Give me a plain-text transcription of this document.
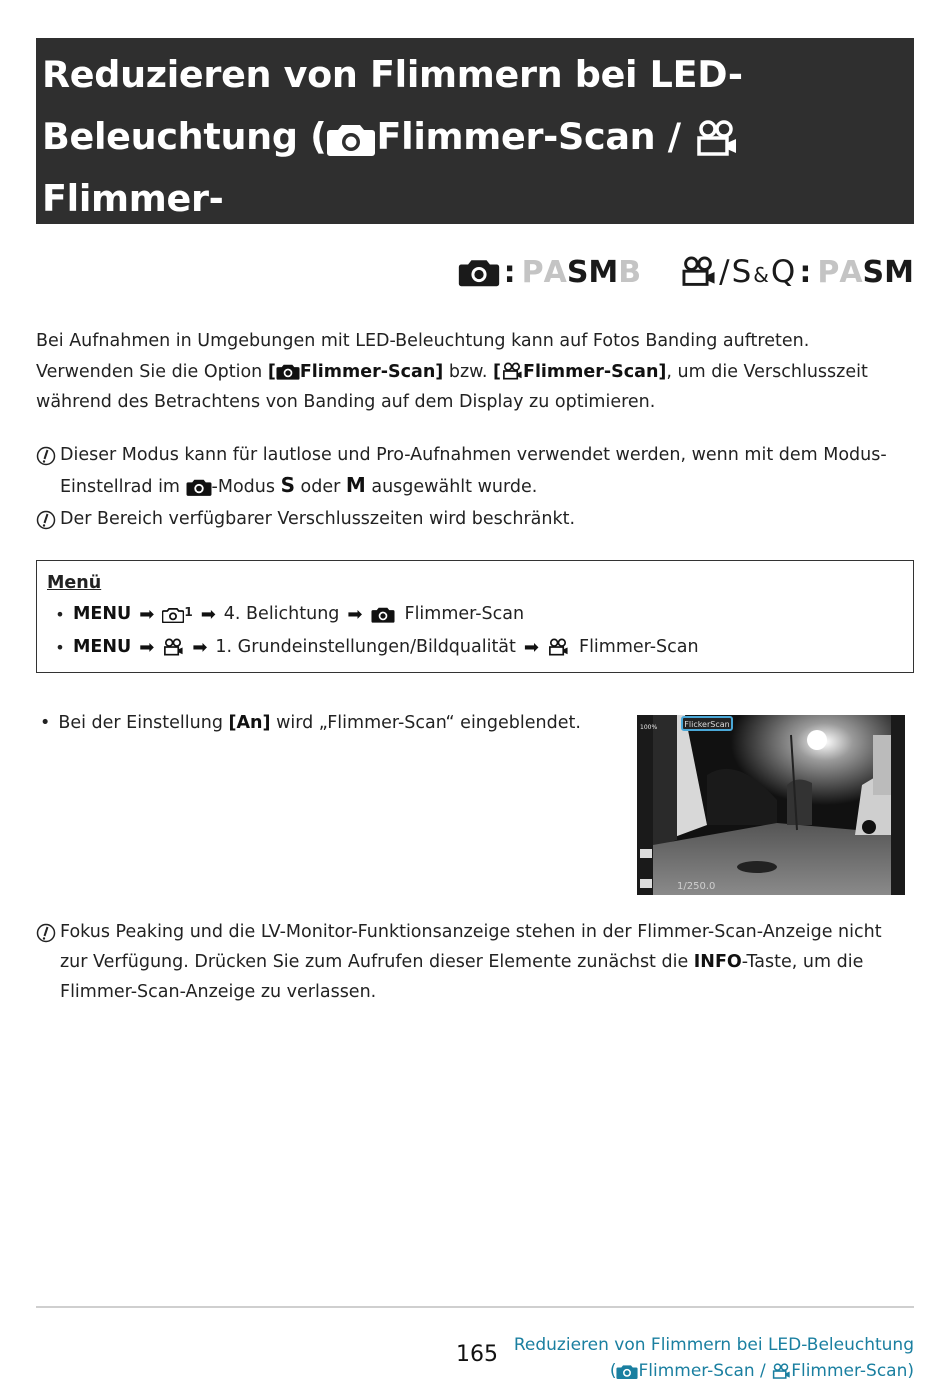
Reduzieren von Flimmern bei LED-
Beleuchtung ( Flimmer-Scan /
Flimmer-
Scan)	: P A S M B	/ S & Q : P A S M
Bei Aufnahmen in Umgebungen mit LED-Beleuchtung kann auf Fotos Banding auftreten. Verwenden Sie die Option [ Flimmer-Scan] bzw. [ Flimmer-Scan], um die Verschlusszeit während des Betrachtens von Banding auf dem Display zu optimieren.
Dieser Modus kann für lautlose und Pro-Aufnahmen verwendet werden, wenn mit dem Modus-Einstellrad im
-Modus S oder M ausgewählt wurde.
Der Bereich verfügbarer Verschlusszeiten wird beschränkt.
Menü
• MENU ➡	1 ➡ 4. Belichtung ➡ Flimmer-Scan
• MENU ➡ ➡ 1. Grundeinstellungen/Bildqualität ➡ Flimmer-Scan
• Bei der Einstellung [An] wird „Flimmer-Scan“ eingeblendet.	FlickerScan
100%
1/250.0
Fokus Peaking und die LV-Monitor-Funktionsanzeige stehen in der Flimmer-Scan-Anzeige nicht zur Verfügung. Drücken Sie zum Aufrufen dieser Elemente zunächst die INFO-Taste, um die Flimmer-Scan-Anzeige zu verlassen.
165 Reduzieren von Flimmern bei LED-Beleuchtung
( Flimmer-Scan /
Flimmer-Scan)
